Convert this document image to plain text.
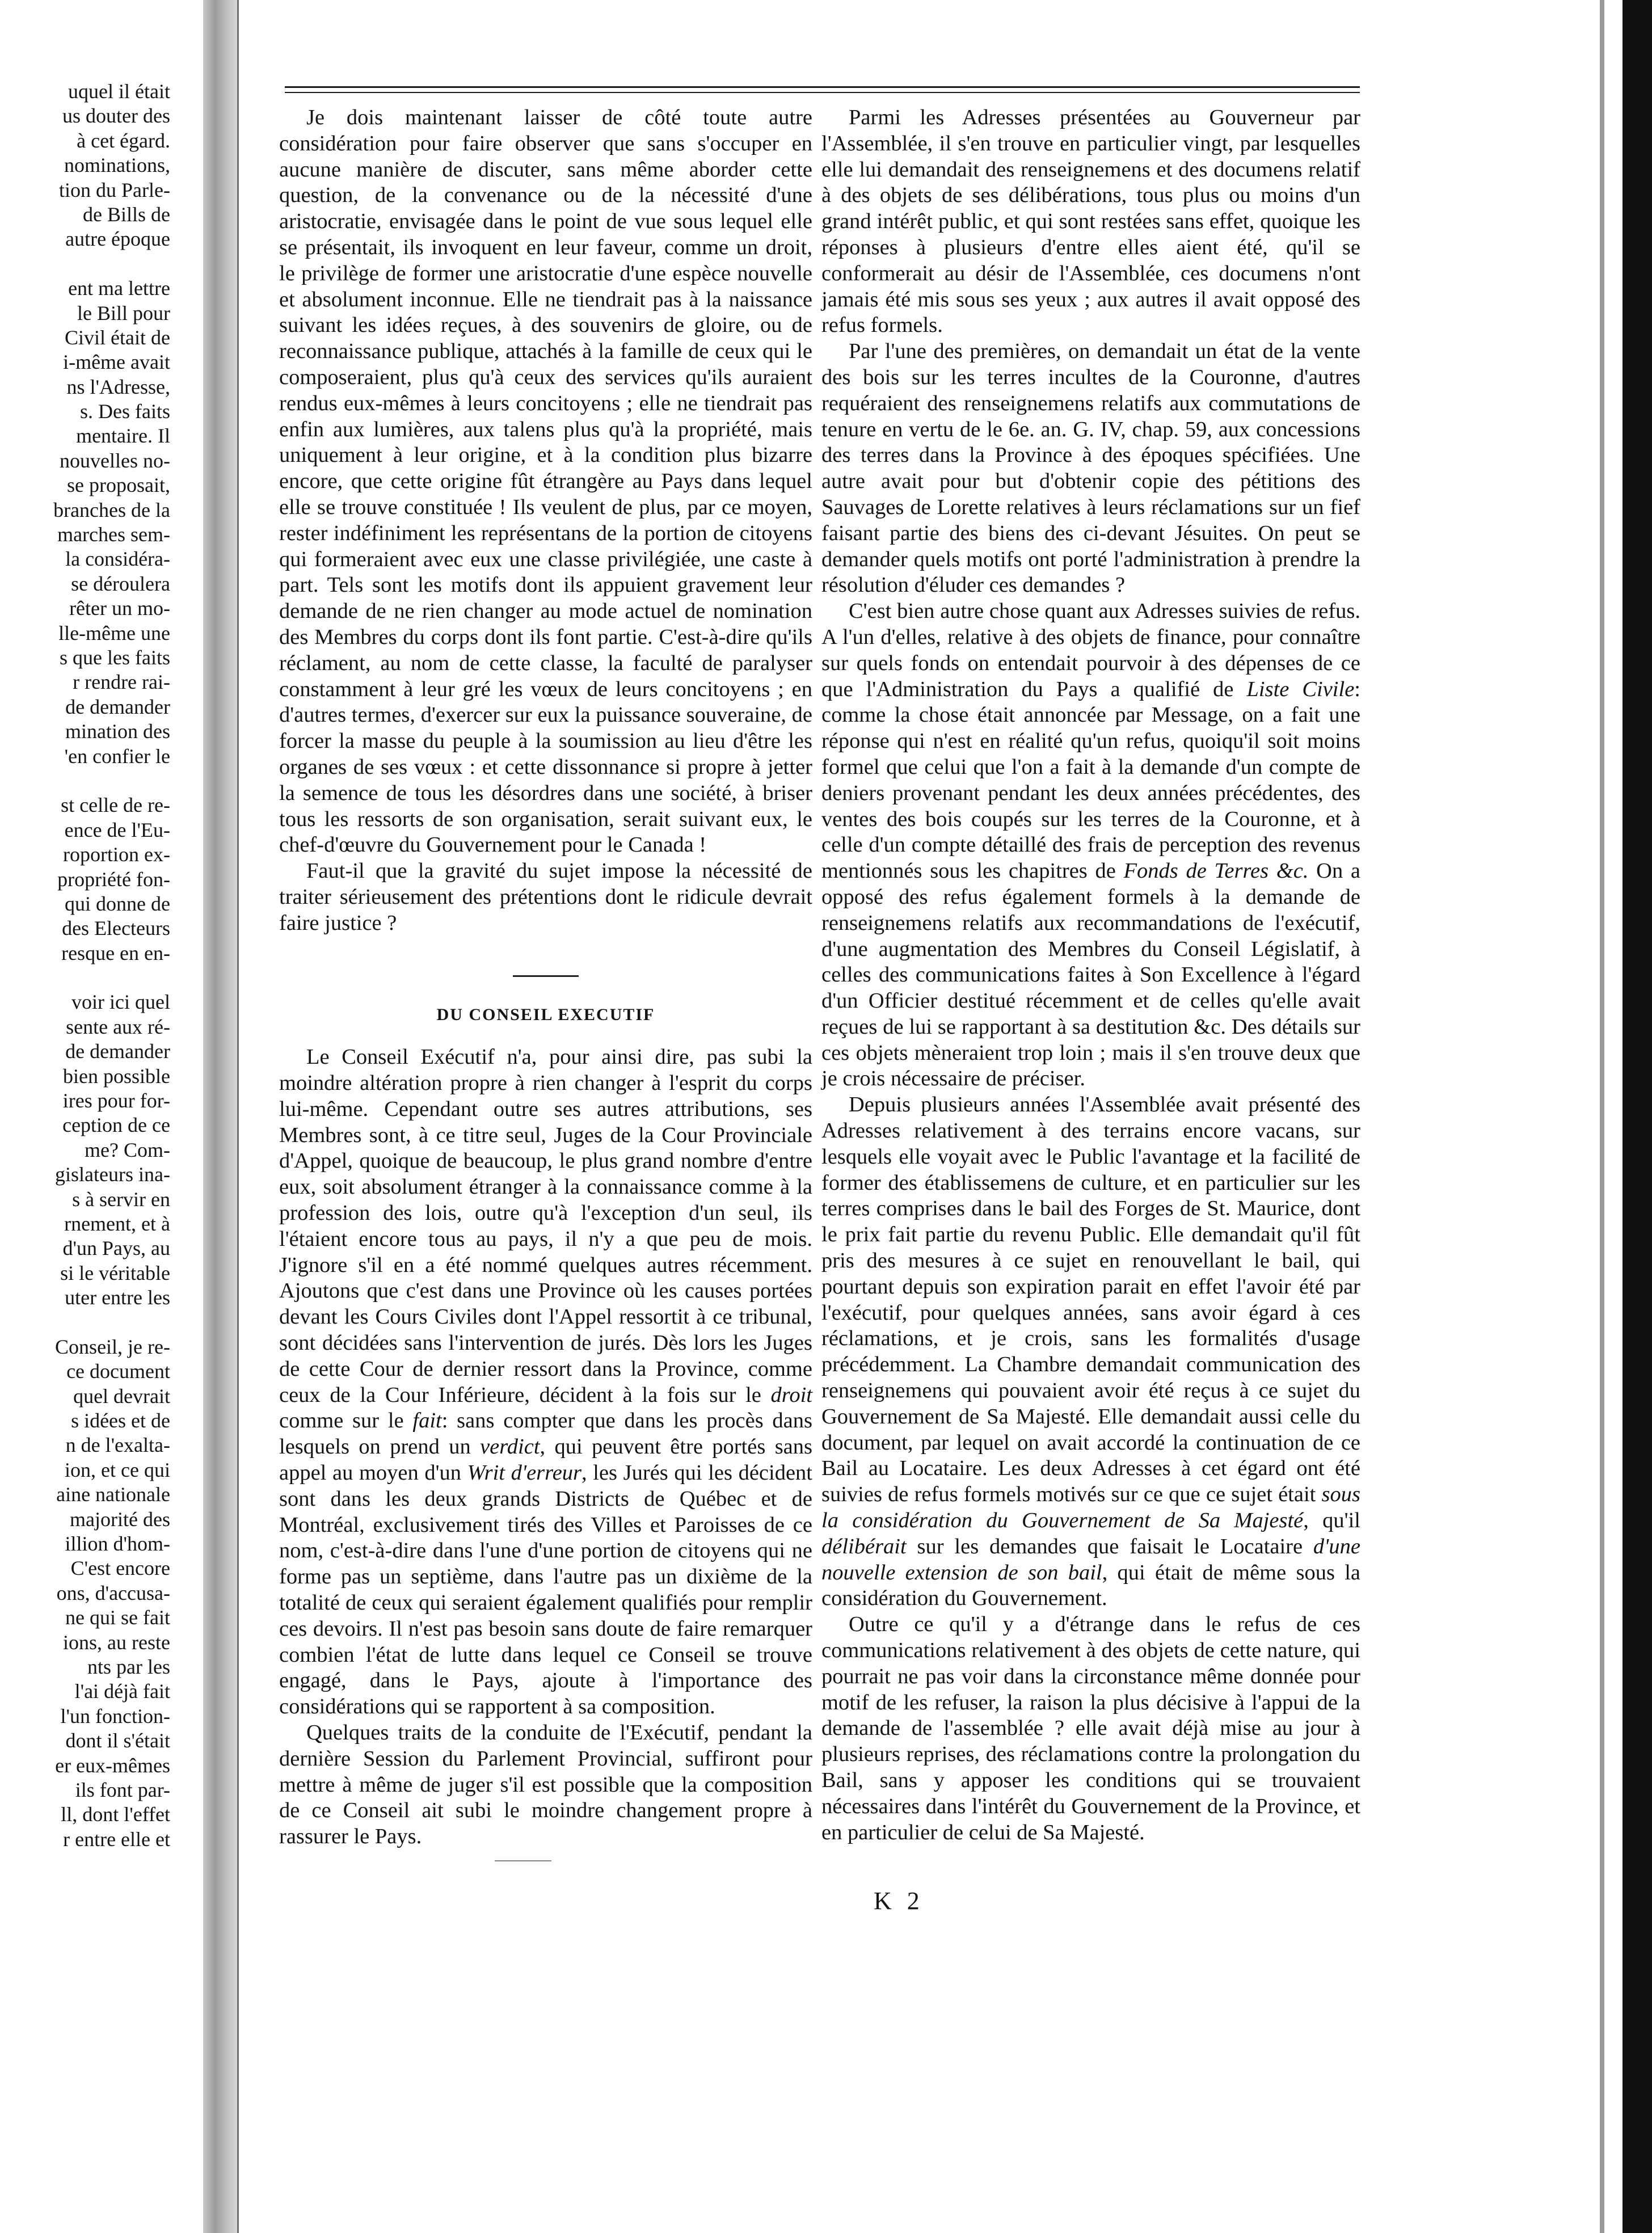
uquel il était
us douter des
à cet égard.
nominations,
tion du Parle-
de Bills de
autre époque
ent ma lettre
le Bill pour
Civil était de
i-même avait
ns l'Adresse,
s. Des faits
mentaire. Il
nouvelles no-
se proposait,
branches de la
marches sem-
la considéra-
se déroulera
rêter un mo-
lle-même une
s que les faits
r rendre rai-
de demander
mination des
'en confier le
st celle de re-
ence de l'Eu-
roportion ex-
propriété fon-
qui donne de
des Electeurs
resque en en-
voir ici quel
sente aux ré-
de demander
bien possible
ires pour for-
ception de ce
me? Com-
gislateurs ina-
s à servir en
rnement, et à
d'un Pays, au
si le véritable
uter entre les
Conseil, je re-
ce document
quel devrait
s idées et de
n de l'exalta-
ion, et ce qui
aine nationale
majorité des
illion d'hom-
C'est encore
ons, d'accusa-
ne qui se fait
ions, au reste
nts par les
l'ai déjà fait
l'un fonction-
dont il s'était
er eux-mêmes
ils font par-
ll, dont l'effet
r entre elle et

Je dois maintenant laisser de côté toute autre considération pour faire observer que sans s'occuper en aucune manière de discuter, sans même aborder cette question, de la convenance ou de la nécessité d'une aristocratie, envisagée dans le point de vue sous lequel elle se présentait, ils invoquent en leur faveur, comme un droit, le privilège de former une aristocratie d'une espèce nouvelle et absolument inconnue. Elle ne tiendrait pas à la naissance suivant les idées reçues, à des souvenirs de gloire, ou de reconnaissance publique, attachés à la famille de ceux qui le composeraient, plus qu'à ceux des services qu'ils auraient rendus eux-mêmes à leurs concitoyens ; elle ne tiendrait pas enfin aux lumières, aux talens plus qu'à la propriété, mais uniquement à leur origine, et à la condition plus bizarre encore, que cette origine fût étrangère au Pays dans lequel elle se trouve constituée ! Ils veulent de plus, par ce moyen, rester indéfiniment les représentans de la portion de citoyens qui formeraient avec eux une classe privilégiée, une caste à part. Tels sont les motifs dont ils appuient gravement leur demande de ne rien changer au mode actuel de nomination des Membres du corps dont ils font partie. C'est-à-dire qu'ils réclament, au nom de cette classe, la faculté de paralyser constamment à leur gré les vœux de leurs concitoyens ; en d'autres termes, d'exercer sur eux la puissance souveraine, de forcer la masse du peuple à la soumission au lieu d'être les organes de ses vœux : et cette dissonnance si propre à jetter la semence de tous les désordres dans une société, à briser tous les ressorts de son organisation, serait suivant eux, le chef-d'œuvre du Gouvernement pour le Canada !

Faut-il que la gravité du sujet impose la nécessité de traiter sérieusement des prétentions dont le ridicule devrait faire justice ?

DU CONSEIL EXECUTIF

Le Conseil Exécutif n'a, pour ainsi dire, pas subi la moindre altération propre à rien changer à l'esprit du corps lui-même. Cependant outre ses autres attributions, ses Membres sont, à ce titre seul, Juges de la Cour Provinciale d'Appel, quoique de beaucoup, le plus grand nombre d'entre eux, soit absolument étranger à la connaissance comme à la profession des lois, outre qu'à l'exception d'un seul, ils l'étaient encore tous au pays, il n'y a que peu de mois. J'ignore s'il en a été nommé quelques autres récemment. Ajoutons que c'est dans une Province où les causes portées devant les Cours Civiles dont l'Appel ressortit à ce tribunal, sont décidées sans l'intervention de jurés. Dès lors les Juges de cette Cour de dernier ressort dans la Province, comme ceux de la Cour Inférieure, décident à la fois sur le droit comme sur le fait: sans compter que dans les procès dans lesquels on prend un verdict, qui peuvent être portés sans appel au moyen d'un Writ d'erreur, les Jurés qui les décident sont dans les deux grands Districts de Québec et de Montréal, exclusivement tirés des Villes et Paroisses de ce nom, c'est-à-dire dans l'une d'une portion de citoyens qui ne forme pas un septième, dans l'autre pas un dixième de la totalité de ceux qui seraient également qualifiés pour remplir ces devoirs. Il n'est pas besoin sans doute de faire remarquer combien l'état de lutte dans lequel ce Conseil se trouve engagé, dans le Pays, ajoute à l'importance des considérations qui se rapportent à sa composition.

Quelques traits de la conduite de l'Exécutif, pendant la dernière Session du Parlement Provincial, suffiront pour mettre à même de juger s'il est possible que la composition de ce Conseil ait subi le moindre changement propre à rassurer le Pays.

Parmi les Adresses présentées au Gouverneur par l'Assemblée, il s'en trouve en particulier vingt, par lesquelles elle lui demandait des renseignemens et des documens relatif à des objets de ses délibérations, tous plus ou moins d'un grand intérêt public, et qui sont restées sans effet, quoique les réponses à plusieurs d'entre elles aient été, qu'il se conformerait au désir de l'Assemblée, ces documens n'ont jamais été mis sous ses yeux ; aux autres il avait opposé des refus formels.

Par l'une des premières, on demandait un état de la vente des bois sur les terres incultes de la Couronne, d'autres requéraient des renseignemens relatifs aux commutations de tenure en vertu de le 6e. an. G. IV, chap. 59, aux concessions des terres dans la Province à des époques spécifiées. Une autre avait pour but d'obtenir copie des pétitions des Sauvages de Lorette relatives à leurs réclamations sur un fief faisant partie des biens des ci-devant Jésuites. On peut se demander quels motifs ont porté l'administration à prendre la résolution d'éluder ces demandes ?

C'est bien autre chose quant aux Adresses suivies de refus. A l'un d'elles, relative à des objets de finance, pour connaître sur quels fonds on entendait pourvoir à des dépenses de ce que l'Administration du Pays a qualifié de Liste Civile: comme la chose était annoncée par Message, on a fait une réponse qui n'est en réalité qu'un refus, quoiqu'il soit moins formel que celui que l'on a fait à la demande d'un compte de deniers provenant pendant les deux années précédentes, des ventes des bois coupés sur les terres de la Couronne, et à celle d'un compte détaillé des frais de perception des revenus mentionnés sous les chapitres de Fonds de Terres &c. On a opposé des refus également formels à la demande de renseignemens relatifs aux recommandations de l'exécutif, d'une augmentation des Membres du Conseil Législatif, à celles des communications faites à Son Excellence à l'égard d'un Officier destitué récemment et de celles qu'elle avait reçues de lui se rapportant à sa destitution &c. Des détails sur ces objets mèneraient trop loin ; mais il s'en trouve deux que je crois nécessaire de préciser.

Depuis plusieurs années l'Assemblée avait présenté des Adresses relativement à des terrains encore vacans, sur lesquels elle voyait avec le Public l'avantage et la facilité de former des établissemens de culture, et en particulier sur les terres comprises dans le bail des Forges de St. Maurice, dont le prix fait partie du revenu Public. Elle demandait qu'il fût pris des mesures à ce sujet en renouvellant le bail, qui pourtant depuis son expiration parait en effet l'avoir été par l'exécutif, pour quelques années, sans avoir égard à ces réclamations, et je crois, sans les formalités d'usage précédemment. La Chambre demandait communication des renseignemens qui pouvaient avoir été reçus à ce sujet du Gouvernement de Sa Majesté. Elle demandait aussi celle du document, par lequel on avait accordé la continuation de ce Bail au Locataire. Les deux Adresses à cet égard ont été suivies de refus formels motivés sur ce que ce sujet était sous la considération du Gouvernement de Sa Majesté, qu'il délibérait sur les demandes que faisait le Locataire d'une nouvelle extension de son bail, qui était de même sous la considération du Gouvernement.

Outre ce qu'il y a d'étrange dans le refus de ces communications relativement à des objets de cette nature, qui pourrait ne pas voir dans la circonstance même donnée pour motif de les refuser, la raison la plus décisive à l'appui de la demande de l'assemblée ? elle avait déjà mise au jour à plusieurs reprises, des réclamations contre la prolongation du Bail, sans y apposer les conditions qui se trouvaient nécessaires dans l'intérêt du Gouvernement de la Province, et en particulier de celui de Sa Majesté.

K 2
